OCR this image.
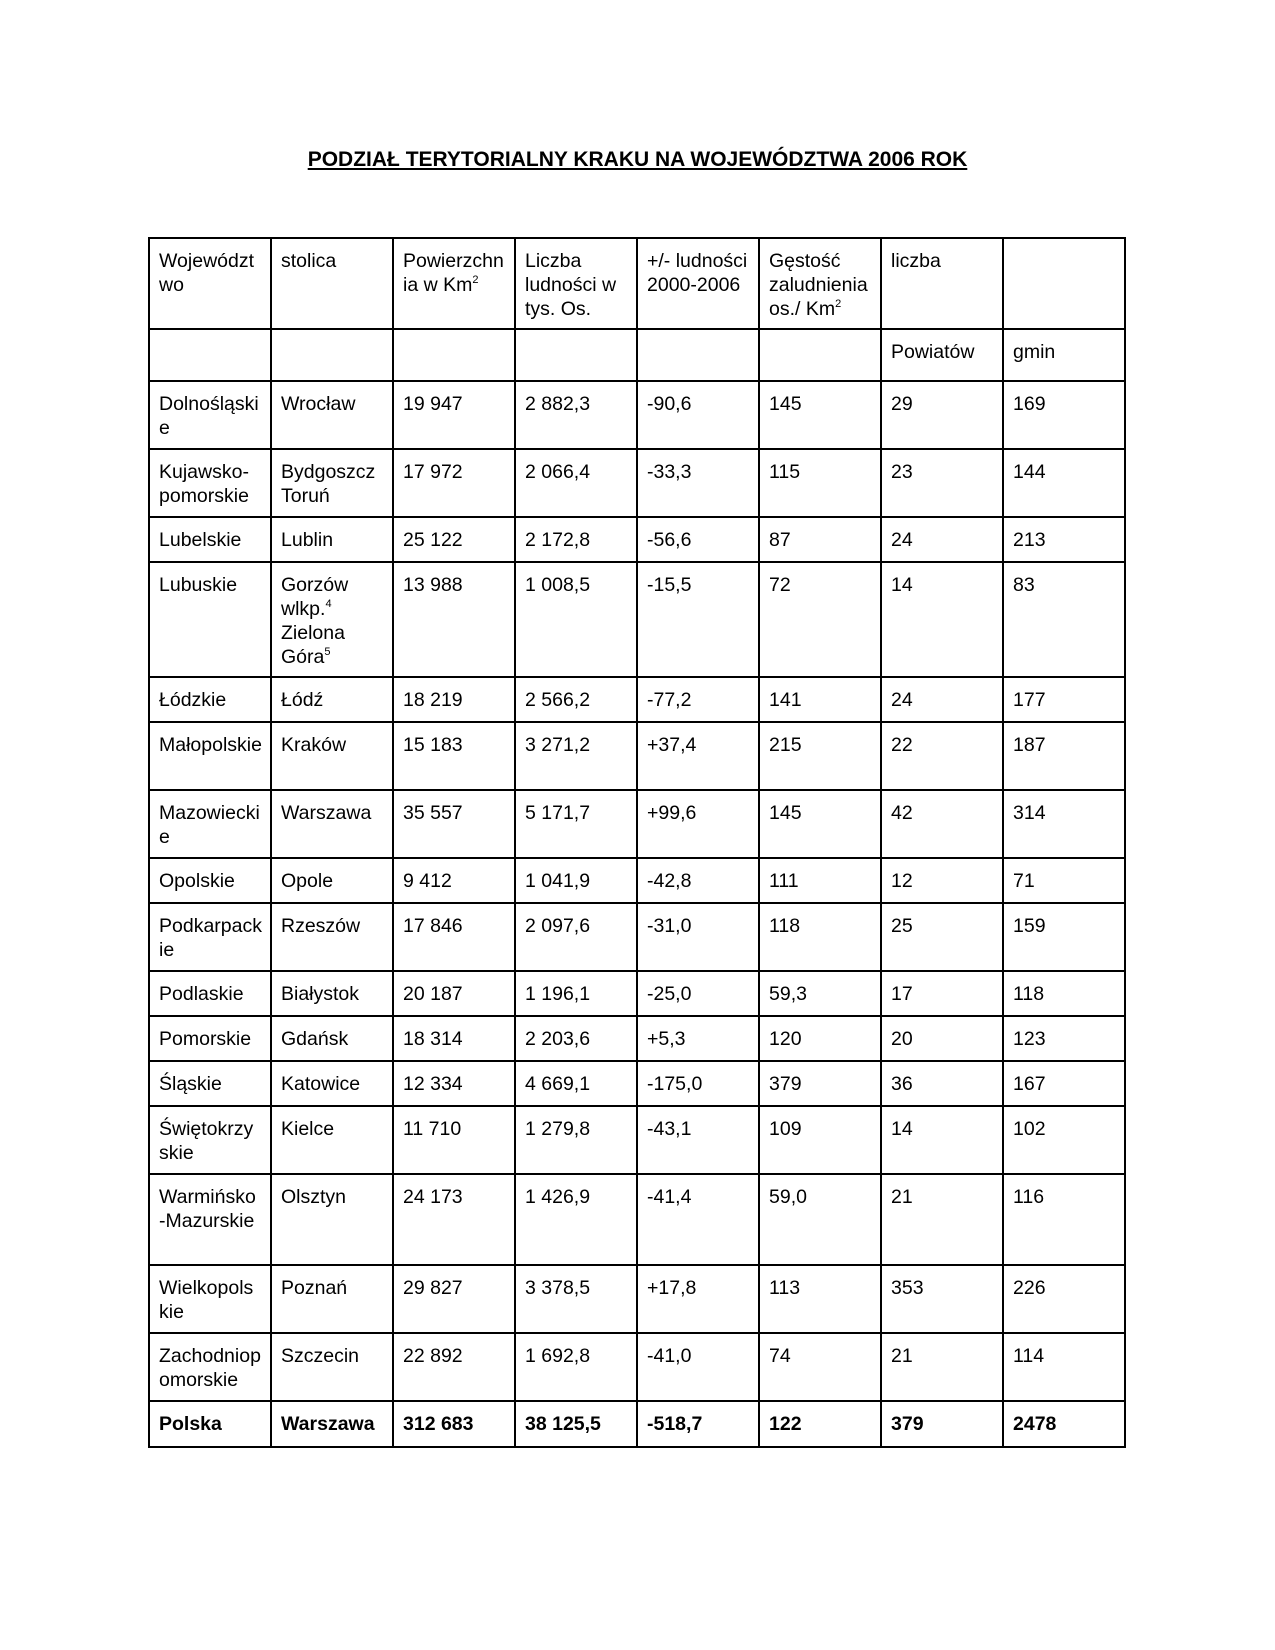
PODZIAŁ TERYTORIALNY KRAKU NA WOJEWÓDZTWA 2006 ROK
Województwo	stolica	Powierzchnia w Km$^2$	Liczba ludności w tys. Os.	+/- ludności 2000-2006	Gęstość zaludnienia os./ Km$^2$	liczba	
						Powiatów	gmin
Dolnośląskie	Wrocław	19 947	2 882,3	-90,6	145	29	169
Kujawsko-pomorskie	Bydgoszcz Toruń	17 972	2 066,4	-33,3	115	23	144
Lubelskie	Lublin	25 122	2 172,8	-56,6	87	24	213
Lubuskie	Gorzów wlkp.$^4$ Zielona Góra$^5$	13 988	1 008,5	-15,5	72	14	83
Łódzkie	Łódź	18 219	2 566,2	-77,2	141	24	177
Małopolskie	Kraków	15 183	3 271,2	+37,4	215	22	187
Mazowieckie	Warszawa	35 557	5 171,7	+99,6	145	42	314
Opolskie	Opole	9 412	1 041,9	-42,8	111	12	71
Podkarpackie	Rzeszów	17 846	2 097,6	-31,0	118	25	159
Podlaskie	Białystok	20 187	1 196,1	-25,0	59,3	17	118
Pomorskie	Gdańsk	18 314	2 203,6	+5,3	120	20	123
Śląskie	Katowice	12 334	4 669,1	-175,0	379	36	167
Świętokrzyskie	Kielce	11 710	1 279,8	-43,1	109	14	102
Warmińsko-Mazurskie	Olsztyn	24 173	1 426,9	-41,4	59,0	21	116
Wielkopolskie	Poznań	29 827	3 378,5	+17,8	113	353	226
Zachodniopomorskie	Szczecin	22 892	1 692,8	-41,0	74	21	114
Polska	Warszawa	312 683	38 125,5	-518,7	122	379	2478
